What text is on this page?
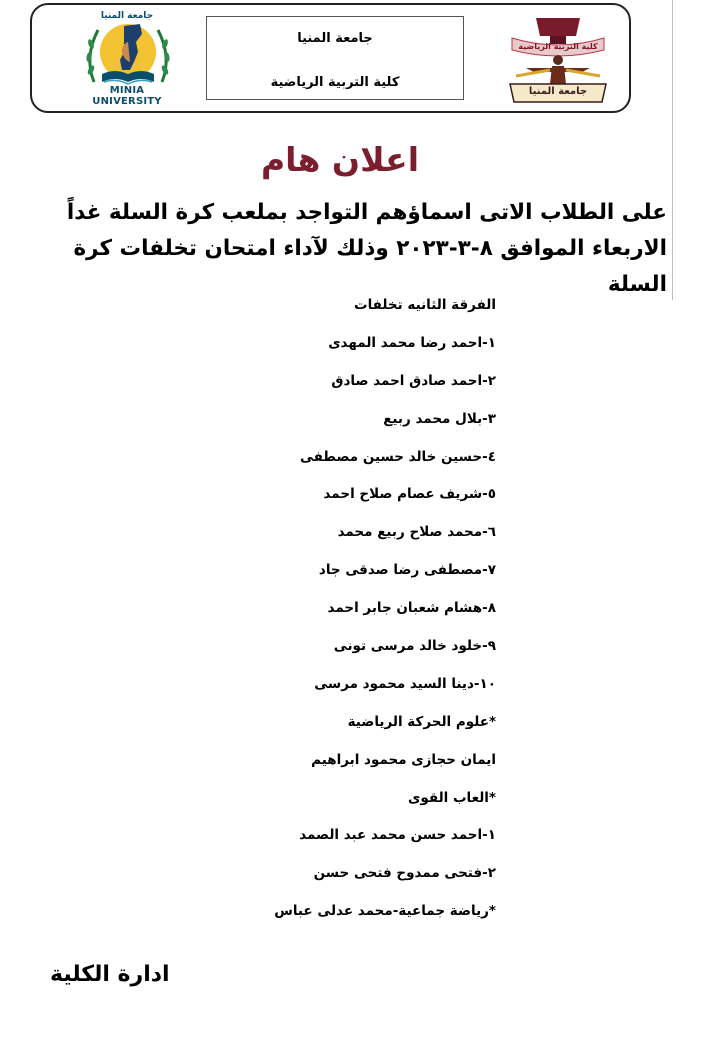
جامعة المنيا
MINIA UNIVERSITY
جامعة المنيا
كلية التربية الرياضية
كلية التربية الرياضية
جامعة المنيا
اعلان هام
على الطلاب الاتى اسماؤهم التواجد بملعب كرة السلة غداً الاربعاء الموافق ٨-٣-٢٠٢٣ وذلك لآداء امتحان تخلفات كرة السلة
الفرقة الثانيه تخلفات
١-احمد رضا محمد المهدى
٢-احمد صادق احمد صادق
٣-بلال محمد ربيع
٤-حسين خالد حسين مصطفى
٥-شريف عصام صلاح احمد
٦-محمد صلاح ربيع محمد
٧-مصطفى رضا صدقى جاد
٨-هشام شعبان جابر احمد
٩-خلود خالد مرسى تونى
١٠-دينا السيد محمود مرسى
*علوم الحركة الرياضية
ايمان حجازى محمود ابراهيم
*العاب القوى
١-احمد حسن محمد عبد الصمد
٢-فتحى ممدوح فتحى حسن
*رياضة جماعية-محمد عدلى عباس
ادارة الكلية
